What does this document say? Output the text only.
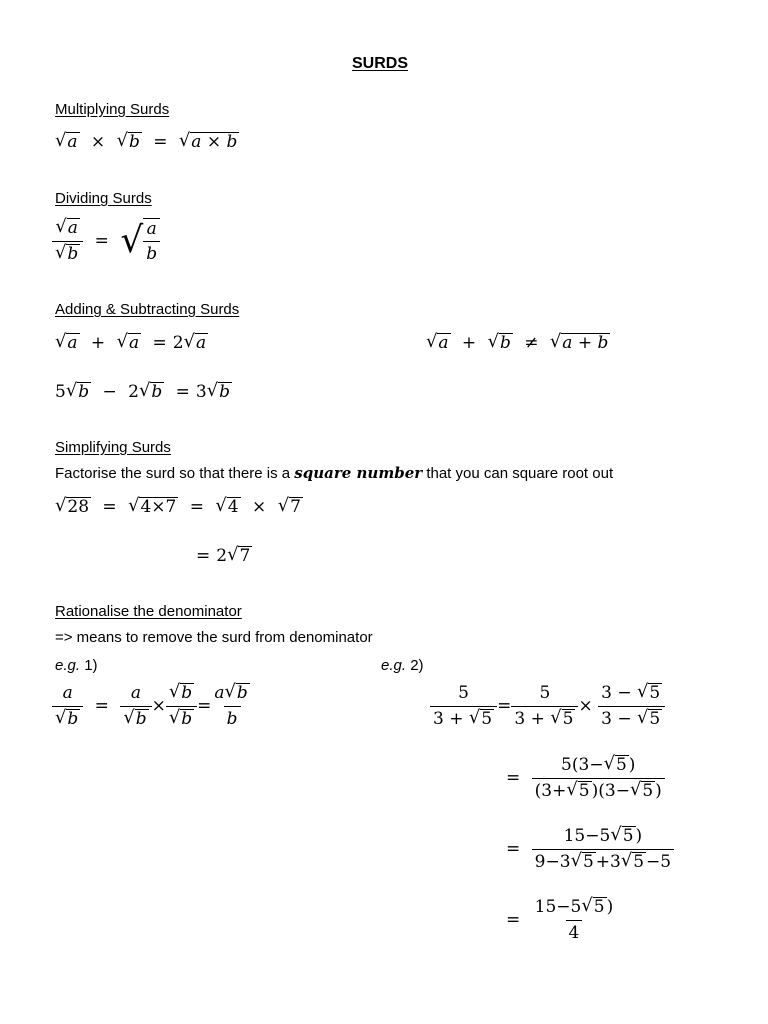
SURDS
Multiplying Surds
√ a × √ b = √ a × b
Dividing Surds
$\frac{√ a}{√ b}$ = √ $\frac{a}{b}$
Adding & Subtracting Surds
√ a + √ a = 2 √ a	√ a + √ b ≠ √ a + b
5 √ b − 2 √ b = 3 √ b
Simplifying Surds
Factorise the surd so that there is a square number that you can square root out
√ 28 = √ 4×7 = √ 4 × √ 7
= 2 √ 7
Rationalise the denominator
=> means to remove the surd from denominator
e.g. 1)	e.g. 2)
$\frac{a}{√ b} = \frac{a}{√ b} \times \frac{√ b}{√ b} = \frac{a √ b}{b}$	$\frac{5}{3 + √ 5} = \frac{5}{3 + √ 5} \times \frac{3 - √ 5}{3 - √ 5}$
= $\frac{5(3- √ 5 )}{(3+ √ 5 )(3- √ 5 )}$
= $\frac{15-5 √ 5 )}{9-3 √ 5 +3 √ 5 -5}$
= $\frac{15-5 √ 5 )}{4}$
